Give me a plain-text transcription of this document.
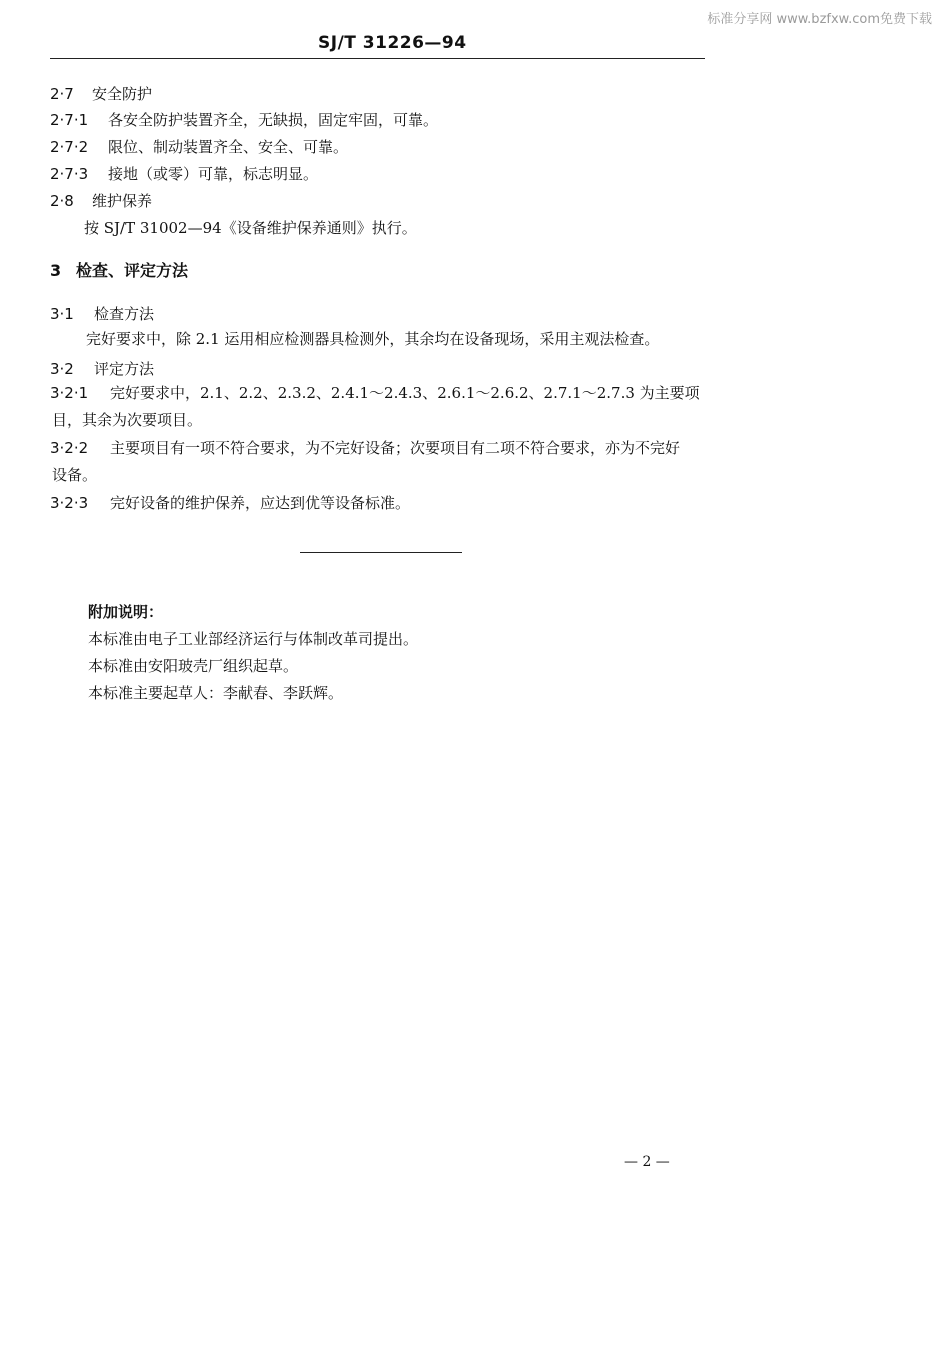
标准分享网 www.bzfxw.com免费下载
SJ/T 31226—94
2·7 安全防护
2·7·1 各安全防护装置齐全，无缺损，固定牢固，可靠。
2·7·2 限位、制动装置齐全、安全、可靠。
2·7·3 接地（或零）可靠，标志明显。
2·8 维护保养
按 SJ/T 31002—94《设备维护保养通则》执行。
3 检查、评定方法
3·1 检查方法
完好要求中，除 2.1 运用相应检测器具检测外，其余均在设备现场，采用主观法检查。
3·2 评定方法
3·2·1 完好要求中，2.1、2.2、2.3.2、2.4.1～2.4.3、2.6.1～2.6.2、2.7.1～2.7.3 为主要项
目，其余为次要项目。
3·2·2 主要项目有一项不符合要求，为不完好设备；次要项目有二项不符合要求，亦为不完好
设备。
3·2·3 完好设备的维护保养，应达到优等设备标准。
附加说明：
本标准由电子工业部经济运行与体制改革司提出。
本标准由安阳玻壳厂组织起草。
本标准主要起草人：李献春、李跃辉。
— 2 —
